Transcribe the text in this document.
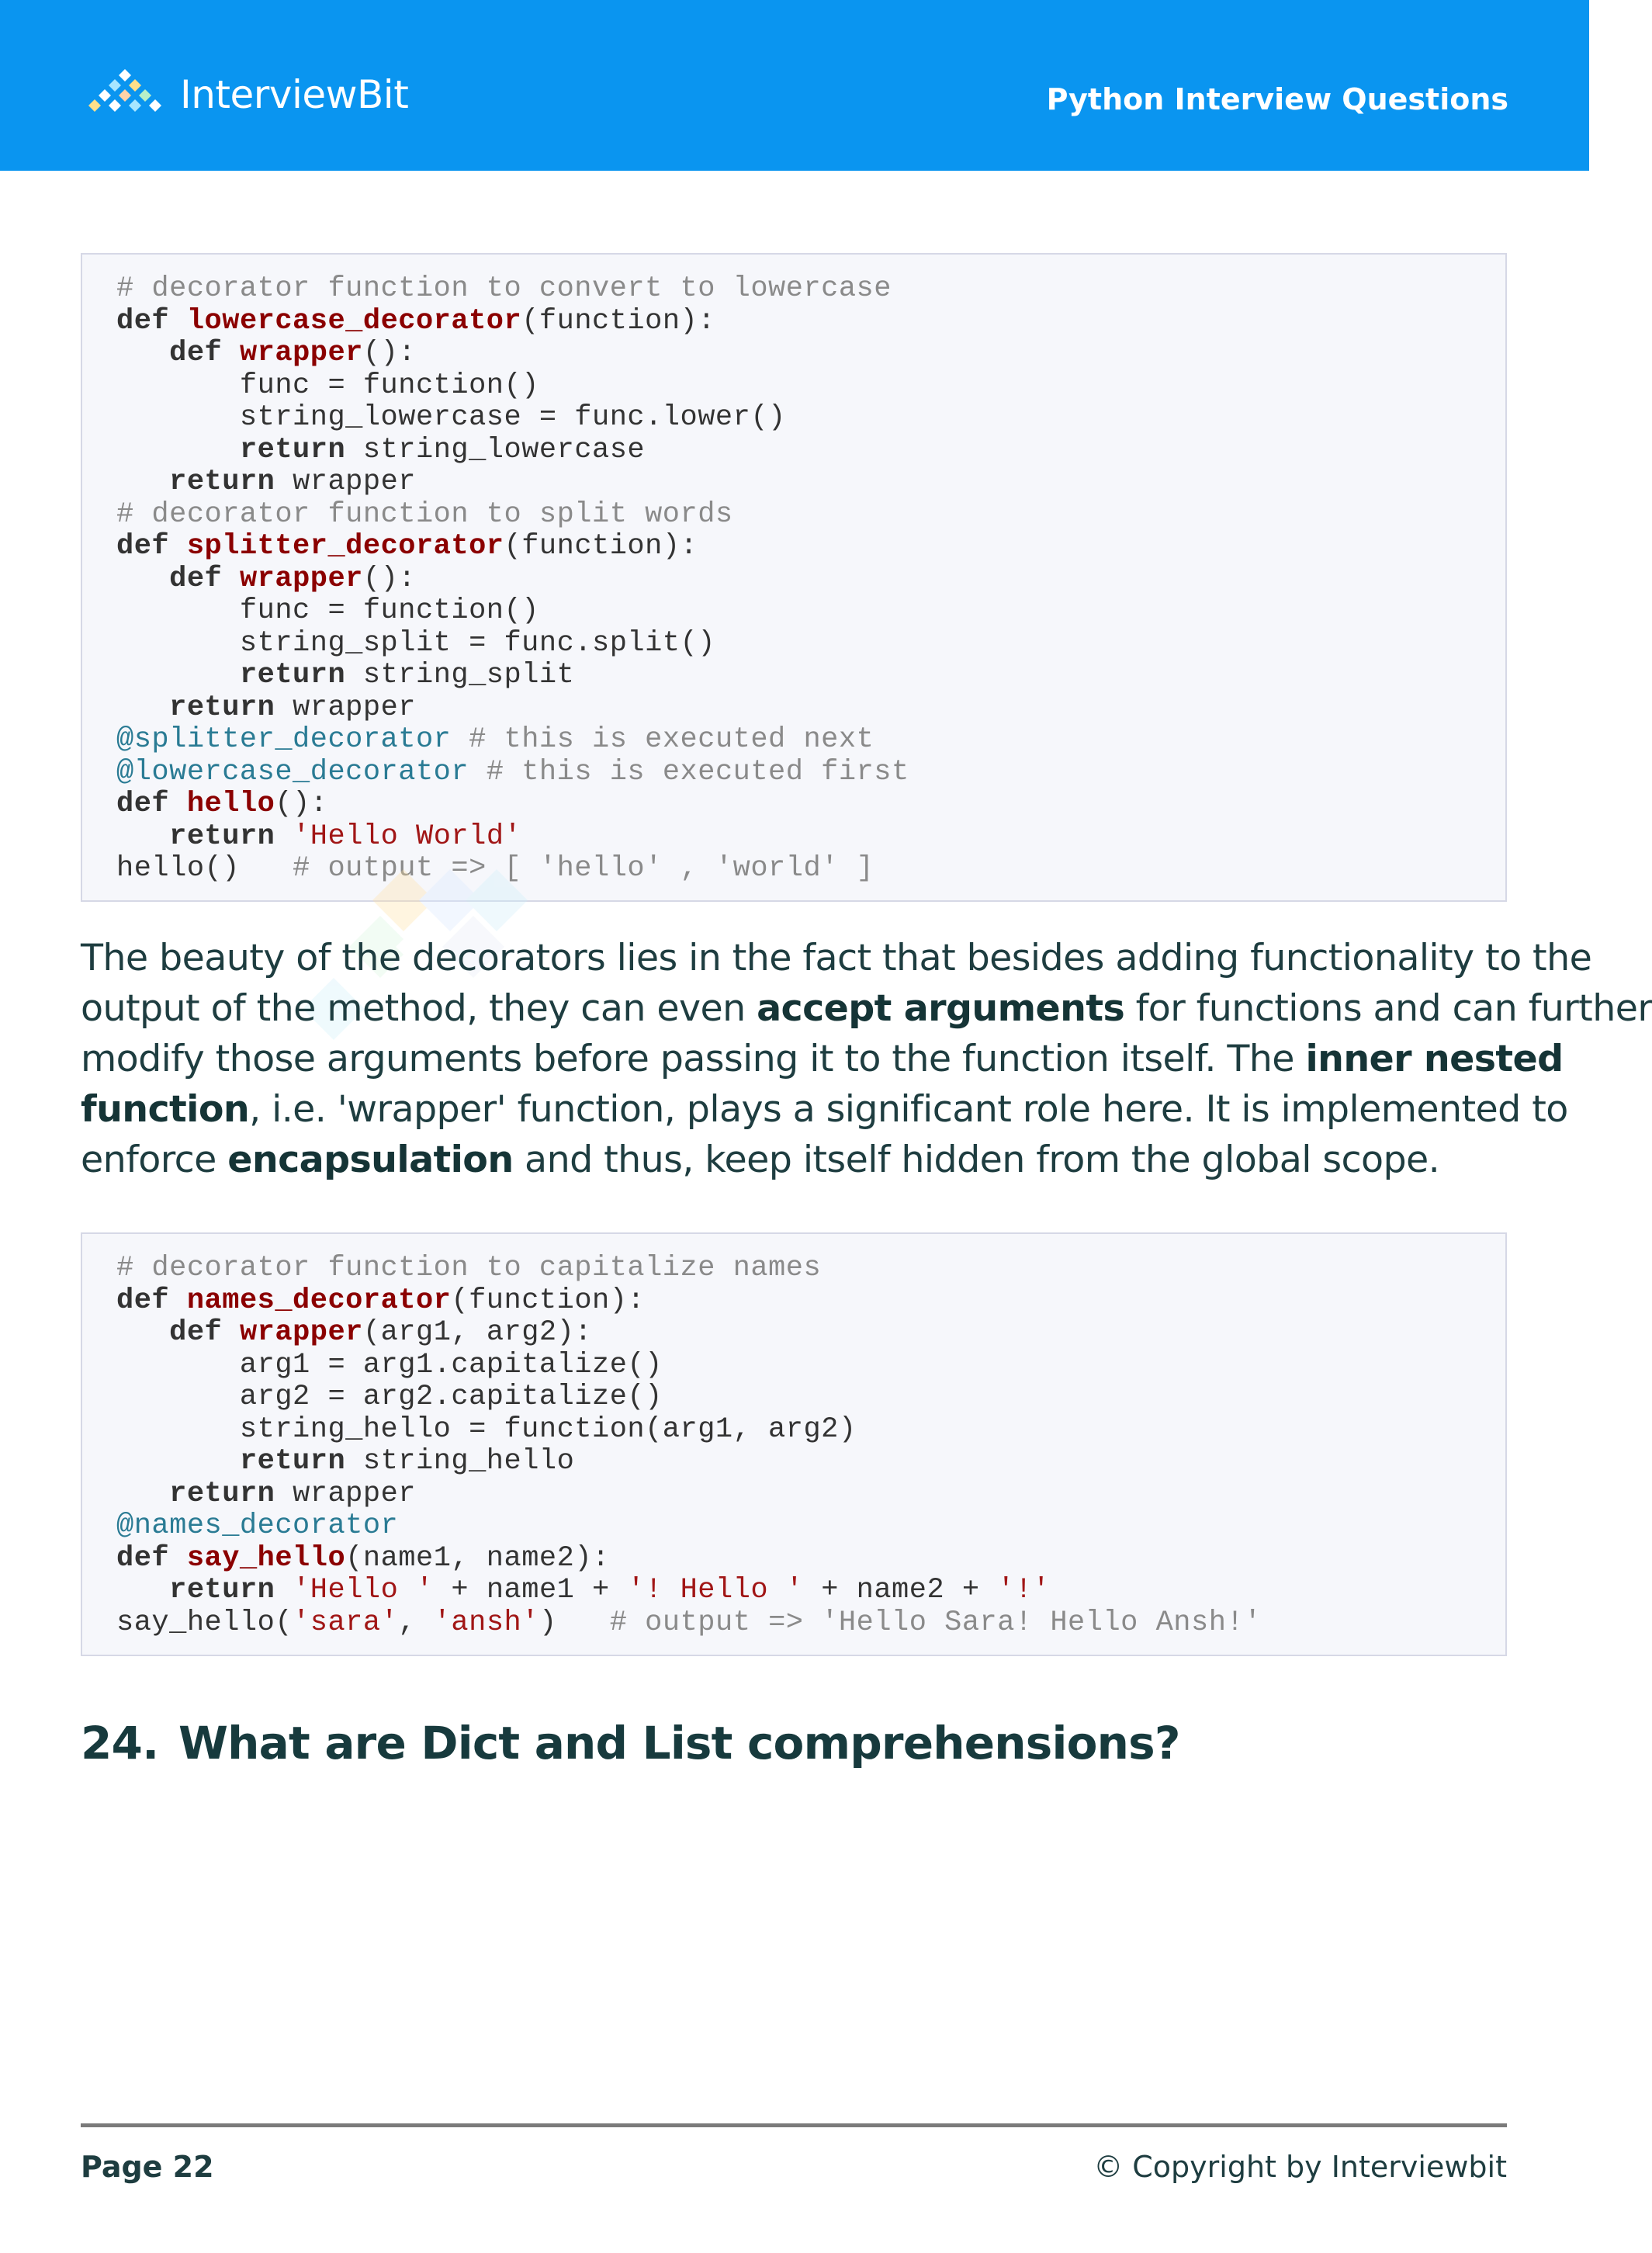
InterviewBit	Python Interview Questions
# decorator function to convert to lowercase
def lowercase_decorator(function):
def wrapper():
func = function()
string_lowercase = func.lower()
return string_lowercase
return wrapper
# decorator function to split words
def splitter_decorator(function):
def wrapper():
func = function()
string_split = func.split()
return string_split
return wrapper
@splitter_decorator # this is executed next
@lowercase_decorator # this is executed first
def hello():
return 'Hello World'
hello()   # output => [ 'hello' , 'world' ]
The beauty of the decorators lies in the fact that besides adding functionality to the
output of the method, they can even accept arguments for functions and can further
modify those arguments before passing it to the function itself. The inner nested
function, i.e. 'wrapper' function, plays a significant role here. It is implemented to
enforce encapsulation and thus, keep itself hidden from the global scope.
# decorator function to capitalize names
def names_decorator(function):
def wrapper(arg1, arg2):
arg1 = arg1.capitalize()
arg2 = arg2.capitalize()
string_hello = function(arg1, arg2)
return string_hello
return wrapper
@names_decorator
def say_hello(name1, name2):
return 'Hello ' + name1 + '! Hello ' + name2 + '!'
say_hello('sara', 'ansh')   # output => 'Hello Sara! Hello Ansh!'
24. What are Dict and List comprehensions?
Page 22	© Copyright by Interviewbit
